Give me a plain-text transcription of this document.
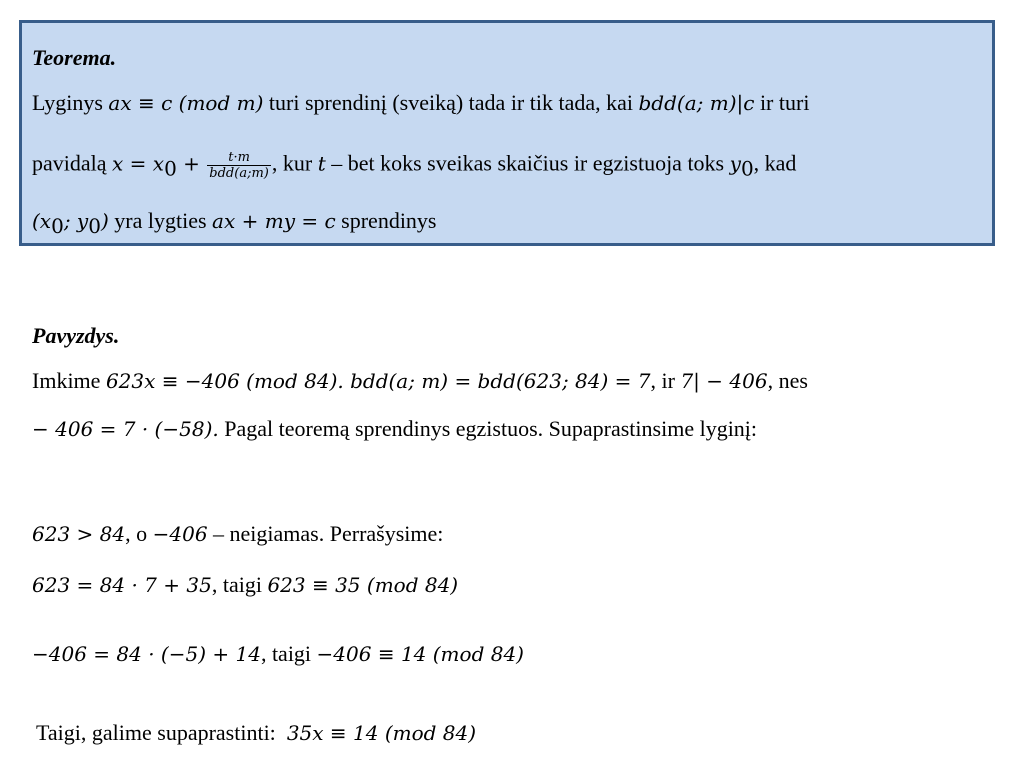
Teorema.
Lyginys ax ≡ c (mod m) turi sprendinį (sveiką) tada ir tik tada, kai bdd(a; m)|c ir turi
pavidalą $x = x_0 + \frac{t\cdot m}{\text{bdd(a;m)}}$ , kur t – bet koks sveikas skaičius ir egzistuoja toks $y_0$, kad
($x_0$; $y_0$) yra lygties ax + my = c sprendinys
Pavyzdys.
Imkime 623x ≡ −406 (mod 84). bdd(a; m) = bdd(623; 84) = 7, ir 7| − 406, nes
− 406 = 7 · (−58). Pagal teoremą sprendinys egzistuos. Supaprastinsime lyginį:
623 > 84, o −406 – neigiamas. Perrašysime:
623 = 84 · 7 + 35, taigi 623 ≡ 35 (mod 84)
−406 = 84 · (−5) + 14, taigi −406 ≡ 14 (mod 84)
Taigi, galime supaprastinti:  35x ≡ 14 (mod 84)
